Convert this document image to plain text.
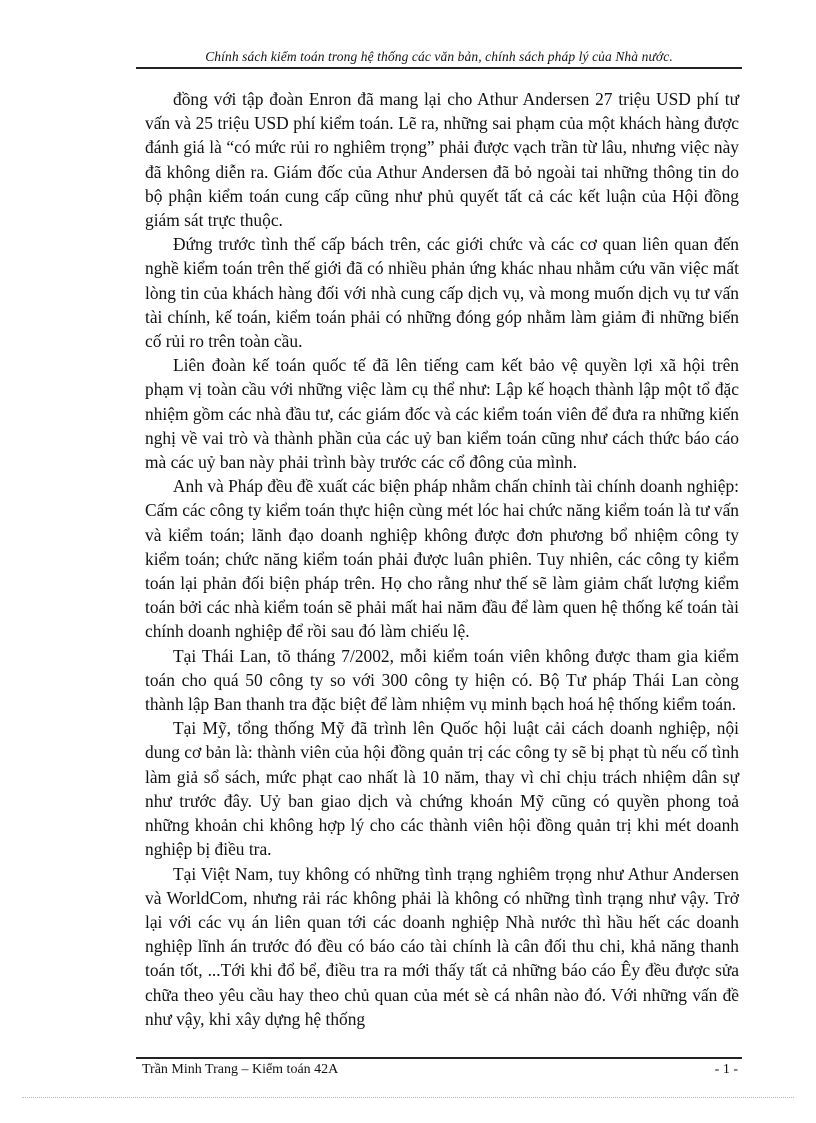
Chính sách kiểm toán trong hệ thống các văn bản, chính sách pháp lý của Nhà nước.

đồng với tập đoàn Enron đã mang lại cho Athur Andersen 27 triệu USD phí tư vấn và 25 triệu USD phí kiểm toán. Lẽ ra, những sai phạm của một khách hàng được đánh giá là “có mức rủi ro nghiêm trọng” phải được vạch trần từ lâu, nhưng việc này đã không diễn ra. Giám đốc của Athur Andersen đã bỏ ngoài tai những thông tin do bộ phận kiểm toán cung cấp cũng như phủ quyết tất cả các kết luận của Hội đồng giám sát trực thuộc.

Đứng trước tình thế cấp bách trên, các giới chức và các cơ quan liên quan đến nghề kiểm toán trên thế giới đã có nhiều phản ứng khác nhau nhằm cứu vãn việc mất lòng tin của khách hàng đối với nhà cung cấp dịch vụ, và mong muốn dịch vụ tư vấn tài chính, kế toán, kiểm toán phải có những đóng góp nhằm làm giảm đi những biến cố rủi ro trên toàn cầu.

Liên đoàn kế toán quốc tế đã lên tiếng cam kết bảo vệ quyền lợi xã hội trên phạm vị toàn cầu với những việc làm cụ thể như: Lập kế hoạch thành lập một tổ đặc nhiệm gồm các nhà đầu tư, các giám đốc và các kiểm toán viên để đưa ra những kiến nghị về vai trò và thành phần của các uỷ ban kiểm toán cũng như cách thức báo cáo mà các uỷ ban này phải trình bày trước các cổ đông của mình.

Anh và Pháp đều đề xuất các biện pháp nhằm chấn chỉnh tài chính doanh nghiệp: Cấm các công ty kiểm toán thực hiện cùng mét lóc hai chức năng kiểm toán là tư vấn và kiểm toán; lãnh đạo doanh nghiệp không được đơn phương bổ nhiệm công ty kiểm toán; chức năng kiểm toán phải được luân phiên. Tuy nhiên, các công ty kiểm toán lại phản đối biện pháp trên. Họ cho rằng như thế sẽ làm giảm chất lượng kiểm toán bởi các nhà kiểm toán sẽ phải mất hai năm đầu để làm quen hệ thống kế toán tài chính doanh nghiệp để rồi sau đó làm chiếu lệ.

Tại Thái Lan, tõ tháng 7/2002, mỗi kiểm toán viên không được tham gia kiểm toán cho quá 50 công ty so với 300 công ty hiện có. Bộ Tư pháp Thái Lan còng thành lập Ban thanh tra đặc biệt để làm nhiệm vụ minh bạch hoá hệ thống kiểm toán.

Tại Mỹ, tổng thống Mỹ đã trình lên Quốc hội luật cải cách doanh nghiệp, nội dung cơ bản là: thành viên của hội đồng quản trị các công ty sẽ bị phạt tù nếu cố tình làm giả sổ sách, mức phạt cao nhất là 10 năm, thay vì chỉ chịu trách nhiệm dân sự như trước đây. Uỷ ban giao dịch và chứng khoán Mỹ cũng có quyền phong toả những khoản chi không hợp lý cho các thành viên hội đồng quản trị khi mét doanh nghiệp bị điều tra.

Tại Việt Nam, tuy không có những tình trạng nghiêm trọng như Athur Andersen và WorldCom, nhưng rải rác không phải là không có những tình trạng như vậy. Trở lại với các vụ án liên quan tới các doanh nghiệp Nhà nước thì hầu hết các doanh nghiệp lĩnh án trước đó đều có báo cáo tài chính là cân đối thu chi, khả năng thanh toán tốt, ...Tới khi đổ bể, điều tra ra mới thấy tất cả những báo cáo Êy đều được sửa chữa theo yêu cầu hay theo chủ quan của mét sè cá nhân nào đó. Với những vấn đề như vậy, khi xây dựng hệ thống

Trần Minh Trang – Kiểm toán 42A	- 1 -
